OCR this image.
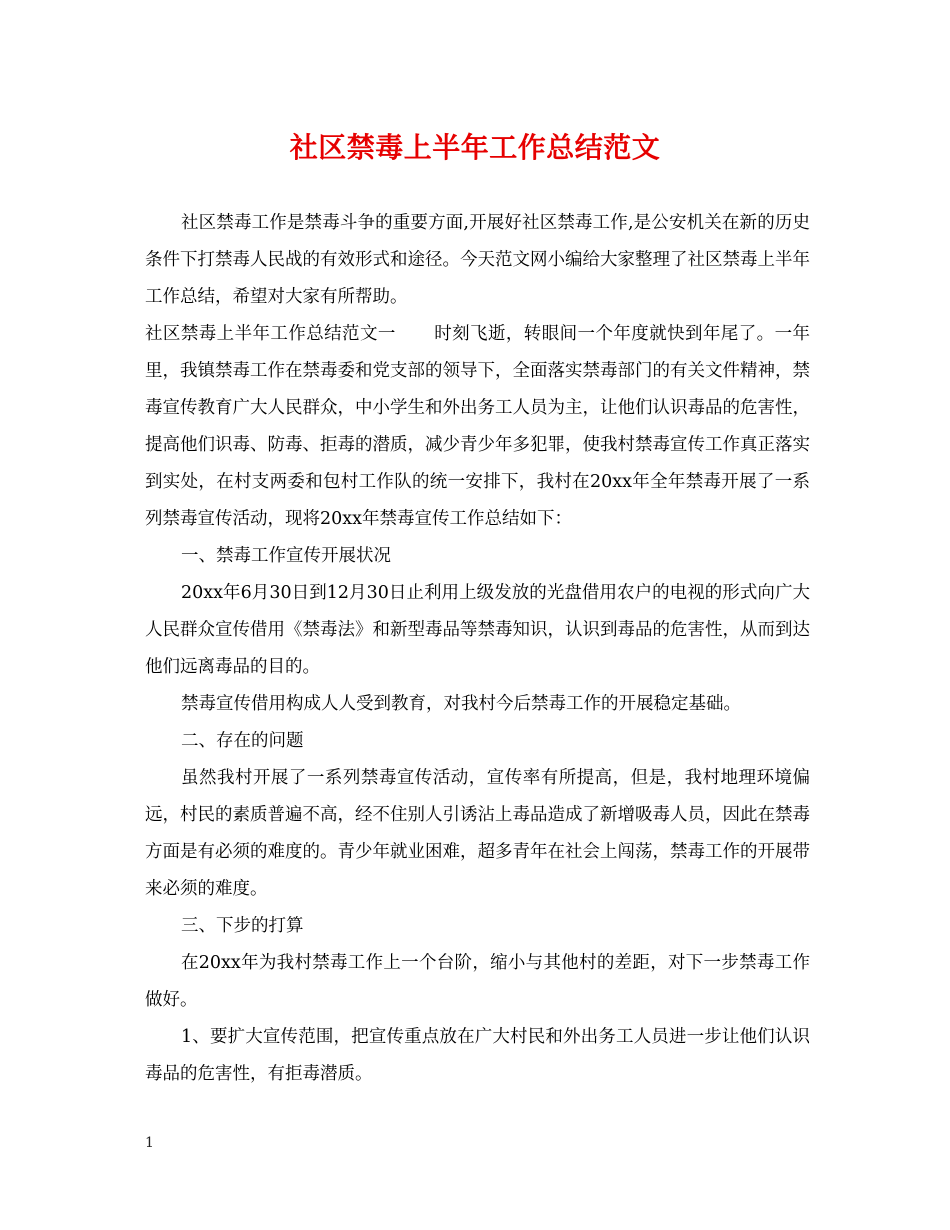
社区禁毒上半年工作总结范文

社区禁毒工作是禁毒斗争的重要方面,开展好社区禁毒工作,是公安机关在新的历史条件下打禁毒人民战的有效形式和途径。今天范文网小编给大家整理了社区禁毒上半年工作总结，希望对大家有所帮助。

社区禁毒上半年工作总结范文一 时刻飞逝，转眼间一个年度就快到年尾了。一年里，我镇禁毒工作在禁毒委和党支部的领导下，全面落实禁毒部门的有关文件精神，禁毒宣传教育广大人民群众，中小学生和外出务工人员为主，让他们认识毒品的危害性，提高他们识毒、防毒、拒毒的潜质，减少青少年多犯罪，使我村禁毒宣传工作真正落实到实处，在村支两委和包村工作队的统一安排下，我村在20xx年全年禁毒开展了一系列禁毒宣传活动，现将20xx年禁毒宣传工作总结如下：

一、禁毒工作宣传开展状况

20xx年6月30日到12月30日止利用上级发放的光盘借用农户的电视的形式向广大人民群众宣传借用《禁毒法》和新型毒品等禁毒知识，认识到毒品的危害性，从而到达他们远离毒品的目的。

禁毒宣传借用构成人人受到教育，对我村今后禁毒工作的开展稳定基础。

二、存在的问题

虽然我村开展了一系列禁毒宣传活动，宣传率有所提高，但是，我村地理环境偏远，村民的素质普遍不高，经不住别人引诱沾上毒品造成了新增吸毒人员，因此在禁毒方面是有必须的难度的。青少年就业困难，超多青年在社会上闯荡，禁毒工作的开展带来必须的难度。

三、下步的打算

在20xx年为我村禁毒工作上一个台阶，缩小与其他村的差距，对下一步禁毒工作做好。

1、要扩大宣传范围，把宣传重点放在广大村民和外出务工人员进一步让他们认识毒品的危害性，有拒毒潜质。

1
